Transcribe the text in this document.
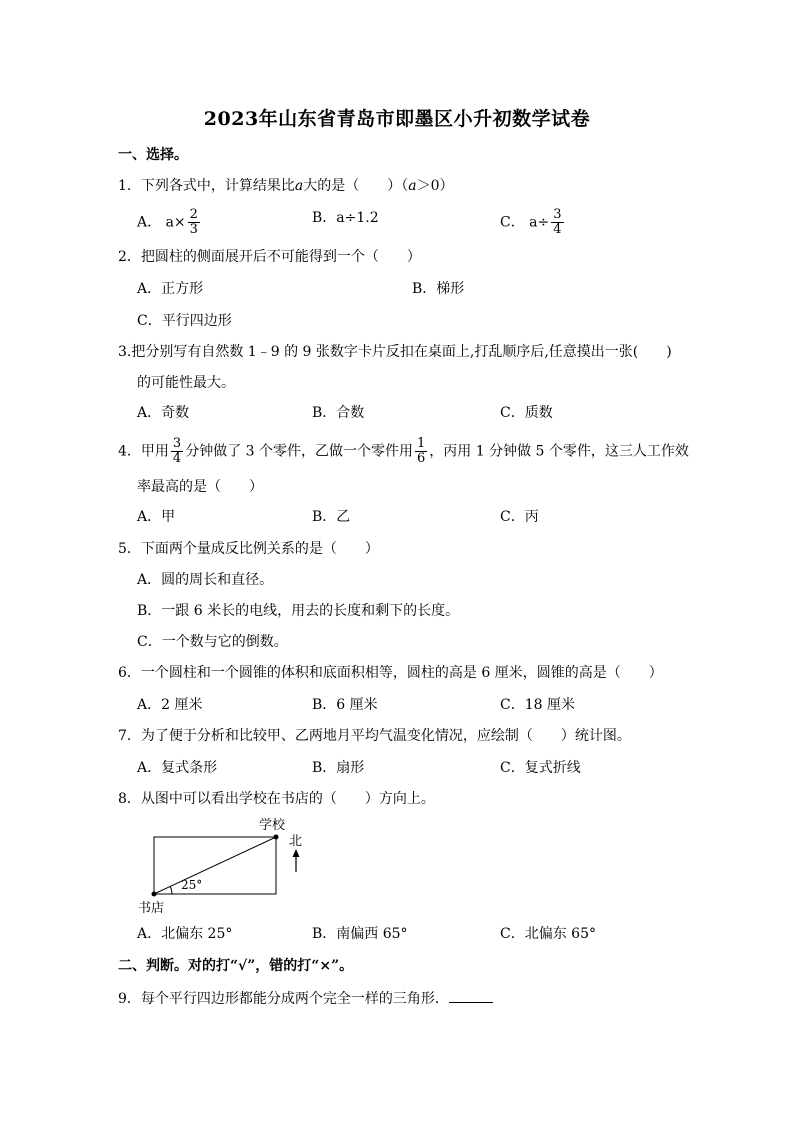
2023年山东省青岛市即墨区小升初数学试卷
一、选择。
1．下列各式中，计算结果比a大的是（　　）（a＞0）
A． $a\times \frac{2}{3}$	B．a÷1.2	C． $a\div \frac{3}{4}$
2．把圆柱的侧面展开后不可能得到一个（　　）
A．正方形	B．梯形
C．平行四边形
3.把分别写有自然数 1﹣9 的 9 张数字卡片反扣在桌面上,打乱顺序后,任意摸出一张(　　)
的可能性最大。
A．奇数	B．合数	C．质数
4．甲用 $\frac{3}{4}$ 分钟做了 3 个零件，乙做一个零件用 $\frac{1}{6}$ ，丙用 1 分钟做 5 个零件，这三人工作效
率最高的是（　　）
A．甲	B．乙	C．丙
5．下面两个量成反比例关系的是（　　）
A．圆的周长和直径。
B．一跟 6 米长的电线，用去的长度和剩下的长度。
C．一个数与它的倒数。
6．一个圆柱和一个圆锥的体积和底面积相等，圆柱的高是 6 厘米，圆锥的高是（　　）
A．2 厘米	B．6 厘米	C．18 厘米
7．为了便于分析和比较甲、乙两地月平均气温变化情况，应绘制（　　）统计图。
A．复式条形	B．扇形	C．复式折线
8．从图中可以看出学校在书店的（　　）方向上。
学校
北
25°
书店
A．北偏东 25°	B．南偏西 65°	C．北偏东 65°
二、判断。对的打“√”，错的打“×”。
9．每个平行四边形都能分成两个完全一样的三角形．
